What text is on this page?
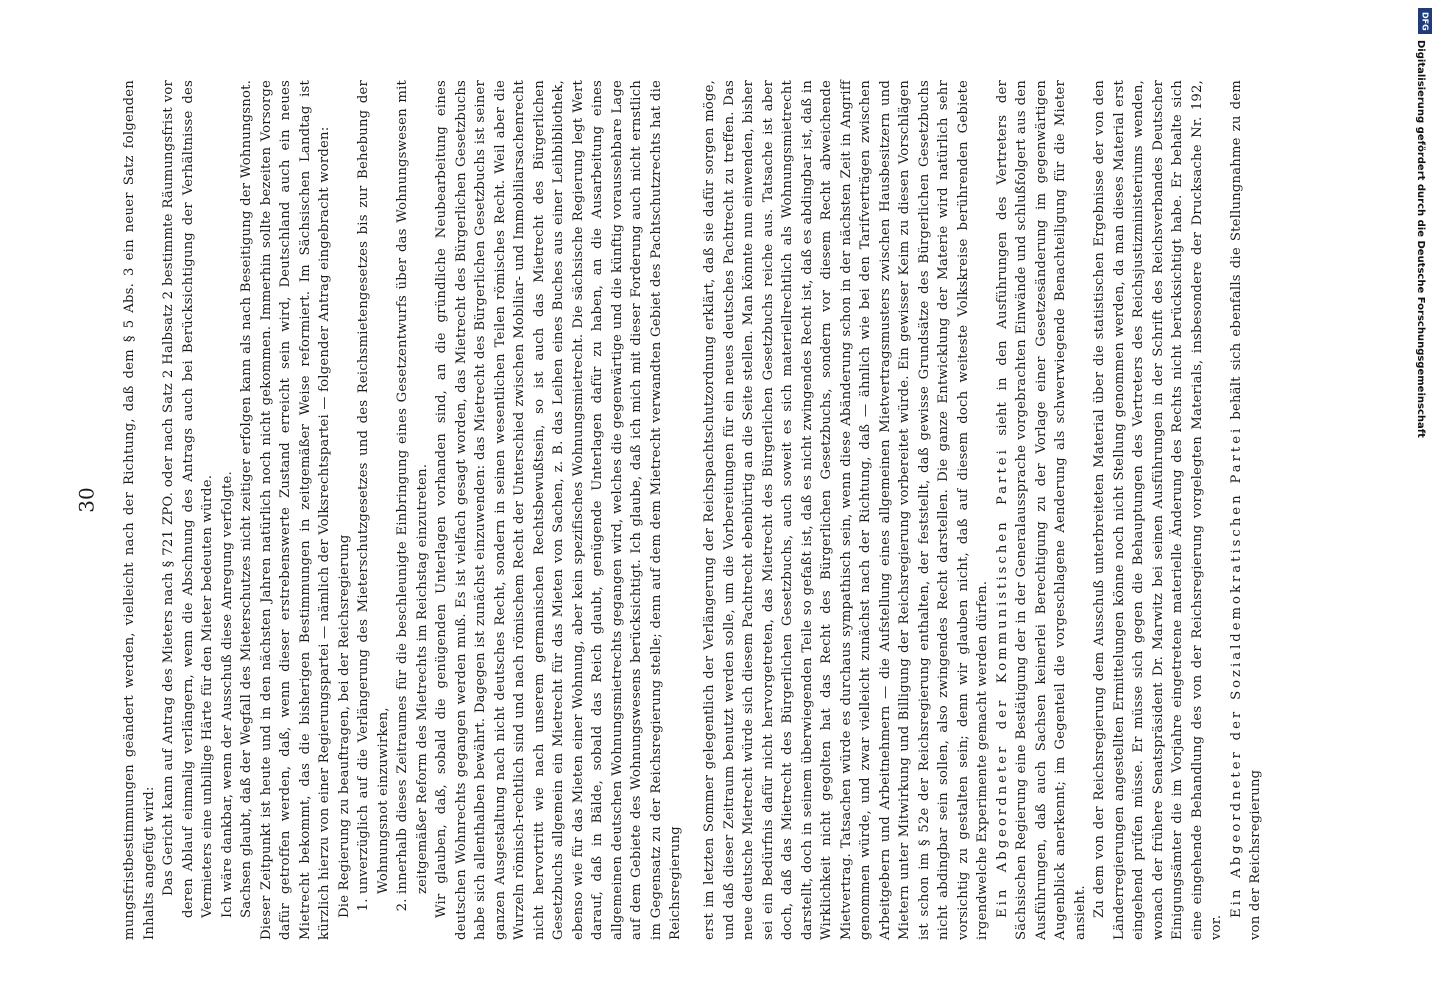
30 mungsfristbestimmungen geändert werden, vielleicht nach der Richtung, daß dem § 5 Abs. 3 ein neuer Satz folgenden Inhalts angefügt wird: Das Gericht kann auf Antrag des Mieters nach § 721 ZPO. oder nach Satz 2 Halbsatz 2 bestimmte Räumungsfrist vor deren Ablauf einmalig verlängern, wenn die Abschnung des Antrags auch bei Berücksichtigung der Verhältnisse des Vermieters eine unbillige Härte für den Mieter bedeuten würde. Ich wäre dankbar, wenn der Ausschuß diese Anregung verfolgte. Sachsen glaubt, daß der Wegfall des Mieterschutzes nicht zeitiger erfolgen kann als nach Beseitigung der Wohnungsnot. Dieser Zeitpunkt ist heute und in den nächsten Jahren natürlich noch nicht gekommen. Immerhin sollte bezeiten Vorsorge dafür getroffen werden, daß, wenn dieser erstrebenswerte Zustand erreicht sein wird, Deutschland auch ein neues Mietrecht bekommt, das die bisherigen Bestimmungen in zeitgemäßer Weise reformiert. Im Sächsischen Landtag ist kürzlich hierzu von einer Regierungspartei — nämlich der Volksrechtspartei — folgender Antrag eingebracht worden: Die Regierung zu beauftragen, bei der Reichsregierung 1. unverzüglich auf die Verlängerung des Mieterschutzgesetzes und des Reichsmietengesetzes bis zur Behebung der Wohnungsnot einzuwirken, 2. innerhalb dieses Zeitraumes für die beschleunigte Einbringung eines Gesetzentwurfs über das Wohnungswesen mit zeitgemäßer Reform des Mietrechts im Reichstag einzutreten. Wir glauben, daß, sobald die genügenden Unterlagen vorhanden sind, an die gründliche Neubearbeitung eines deutschen Wohnrechts gegangen werden muß. Es ist vielfach gesagt worden, das Mietrecht des Bürgerlichen Gesetzbuchs habe sich allenthalben bewährt. Dagegen ist zunächst einzuwenden: das Mietrecht des Bürgerlichen Gesetzbuchs ist seiner ganzen Ausgestaltung nach nicht deutsches Recht, sondern in seinen wesentlichen Teilen römisches Recht. Weil aber die Wurzeln römisch-rechtlich sind und nach römischem Recht der Unterschied zwischen Mobiliar- und Immobiliarsachenrecht nicht hervortritt wie nach unserem germanischen Rechtsbewußtsein, so ist auch das Mietrecht des Bürgerlichen Gesetzbuchs allgemein ein Mietrecht für das Mieten von Sachen, z. B. das Leihen eines Buches aus einer Leihbibliothek, ebenso wie für das Mieten einer Wohnung, aber kein spezifisches Wohnungsmietrecht. Die sächsische Regierung legt Wert darauf, daß in Bälde, sobald das Reich glaubt, genügende Unterlagen dafür zu haben, an die Ausarbeitung eines allgemeinen deutschen Wohnungsmietrechts gegangen wird, welches die gegenwärtige und die künftig voraussehbare Lage auf dem Gebiete des Wohnungswesens berücksichtigt. Ich glaube, daß ich mich mit dieser Forderung auch nicht ernstlich im Gegensatz zu der Reichsregierung stelle; denn auf dem dem Mietrecht verwandten Gebiet des Pachtschutzrechts hat die Reichsregierung erst im letzten Sommer gelegentlich der Verlängerung der Reichspachtschutzordnung erklärt, daß sie dafür sorgen möge, und daß dieser Zeitraum benutzt werden solle, um die Vorbereitungen für ein neues deutsches Pachtrecht zu treffen. Das neue deutsche Mietrecht würde sich diesem Pachtrecht ebenbürtig an die Seite stellen. Man könnte nun einwenden, bisher sei ein Bedürfnis dafür nicht hervorgetreten, das Mietrecht des Bürgerlichen Gesetzbuchs reiche aus. Tatsache ist aber doch, daß das Mietrecht des Bürgerlichen Gesetzbuchs, auch soweit es sich materiellrechtlich als Wohnungsmietrecht darstellt, doch in seinem überwiegenden Teile so gefaßt ist, daß es nicht zwingendes Recht ist, daß es abdingbar ist, daß in Wirklichkeit nicht gegolten hat das Recht des Bürgerlichen Gesetzbuchs, sondern vor diesem Recht abweichende Mietvertrag. Tatsachen würde es durchaus sympathisch sein, wenn diese Abänderung schon in der nächsten Zeit in Angriff genommen würde, und zwar vielleicht zunächst nach der Richtung, daß — ähnlich wie bei den Tarifverträgen zwischen Arbeitgebern und Arbeitnehmern — die Aufstellung eines allgemeinen Mietvertragsmusters zwischen Hausbesitzern und Mietern unter Mitwirkung und Billigung der Reichsregierung vorbereitet würde. Ein gewisser Keim zu diesen Vorschlägen ist schon im § 52e der Reichsregierung enthalten, der feststellt, daß gewisse Grundsätze des Bürgerlichen Gesetzbuchs nicht abdingbar sein sollen, also zwingendes Recht darstellen. Die ganze Entwicklung der Materie wird natürlich sehr vorsichtig zu gestalten sein; denn wir glauben nicht, daß auf diesem doch weiteste Volkskreise berührenden Gebiete irgendwelche Experimente gemacht werden dürfen. Ein Abgeordneter der Kommunistischen Partei sieht in den Ausführungen des Vertreters der Sächsischen Regierung eine Bestätigung der in der Generalaussprache vorgebrachten Einwände und schlußfolgert aus den Ausführungen, daß auch Sachsen keinerlei Berechtigung zu der Vorlage einer Gesetzesänderung im gegenwärtigen Augenblick anerkennt; im Gegenteil die vorgeschlagene Aenderung als schwerwiegende Benachteiligung für die Mieter ansieht. Zu dem von der Reichsregierung dem Ausschuß unterbreiteten Material über die statistischen Ergebnisse der von den Länderregierungen angestellten Ermittelungen könne noch nicht Stellung genommen werden, da man dieses Material erst eingehend prüfen müsse. Er müsse sich gegen die Behauptungen des Vertreters des Reichsjustizministeriums wenden, wonach der frühere Senatspräsident Dr. Marwitz bei seinen Ausführungen in der Schrift des Reichsverbandes Deutscher Einigungsämter die im Vorjahre eingetretene materielle Änderung des Rechts nicht berücksichtigt habe. Er behalte sich eine eingehende Behandlung des von der Reichsregierung vorgelegten Materials, insbesondere der Drucksache Nr. 192, vor.

Ein Abgeordneter der Sozialdemokratischen Partei behält sich ebenfalls die Stellungnahme zu dem von der Reichsregierung

DFG
Digitalisierung gefördert durch die Deutsche Forschungsgemeinschaft
